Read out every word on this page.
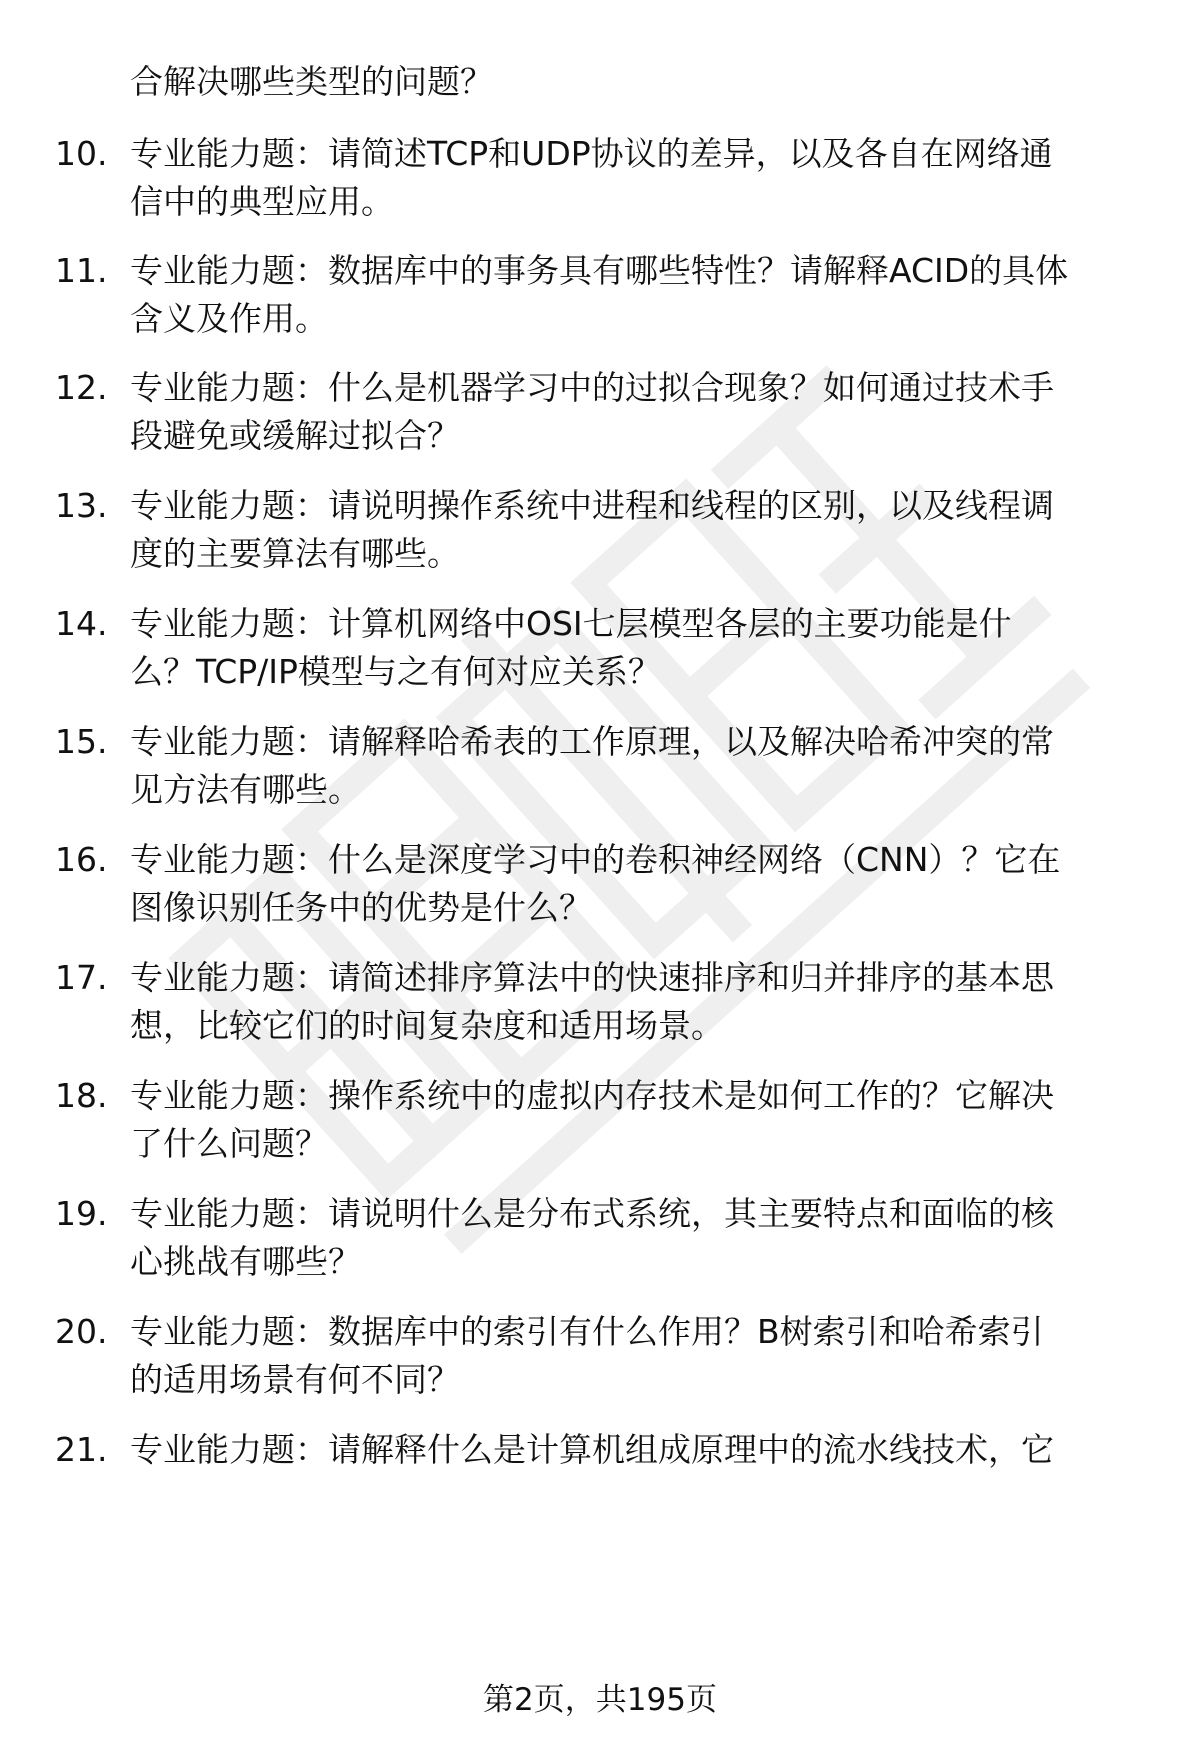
合解决哪些类型的问题？
10. 专业能力题：请简述TCP和UDP协议的差异，以及各自在网络通
信中的典型应用。
11. 专业能力题：数据库中的事务具有哪些特性？请解释ACID的具体
含义及作用。
12. 专业能力题：什么是机器学习中的过拟合现象？如何通过技术手
段避免或缓解过拟合？
13. 专业能力题：请说明操作系统中进程和线程的区别，以及线程调
度的主要算法有哪些。
14. 专业能力题：计算机网络中OSI七层模型各层的主要功能是什
么？TCP/IP模型与之有何对应关系？
15. 专业能力题：请解释哈希表的工作原理，以及解决哈希冲突的常
见方法有哪些。
16. 专业能力题：什么是深度学习中的卷积神经网络（CNN）？它在
图像识别任务中的优势是什么？
17. 专业能力题：请简述排序算法中的快速排序和归并排序的基本思
想，比较它们的时间复杂度和适用场景。
18. 专业能力题：操作系统中的虚拟内存技术是如何工作的？它解决
了什么问题？
19. 专业能力题：请说明什么是分布式系统，其主要特点和面临的核
心挑战有哪些？
20. 专业能力题：数据库中的索引有什么作用？B树索引和哈希索引
的适用场景有何不同？
21. 专业能力题：请解释什么是计算机组成原理中的流水线技术，它
第2页，共195页
